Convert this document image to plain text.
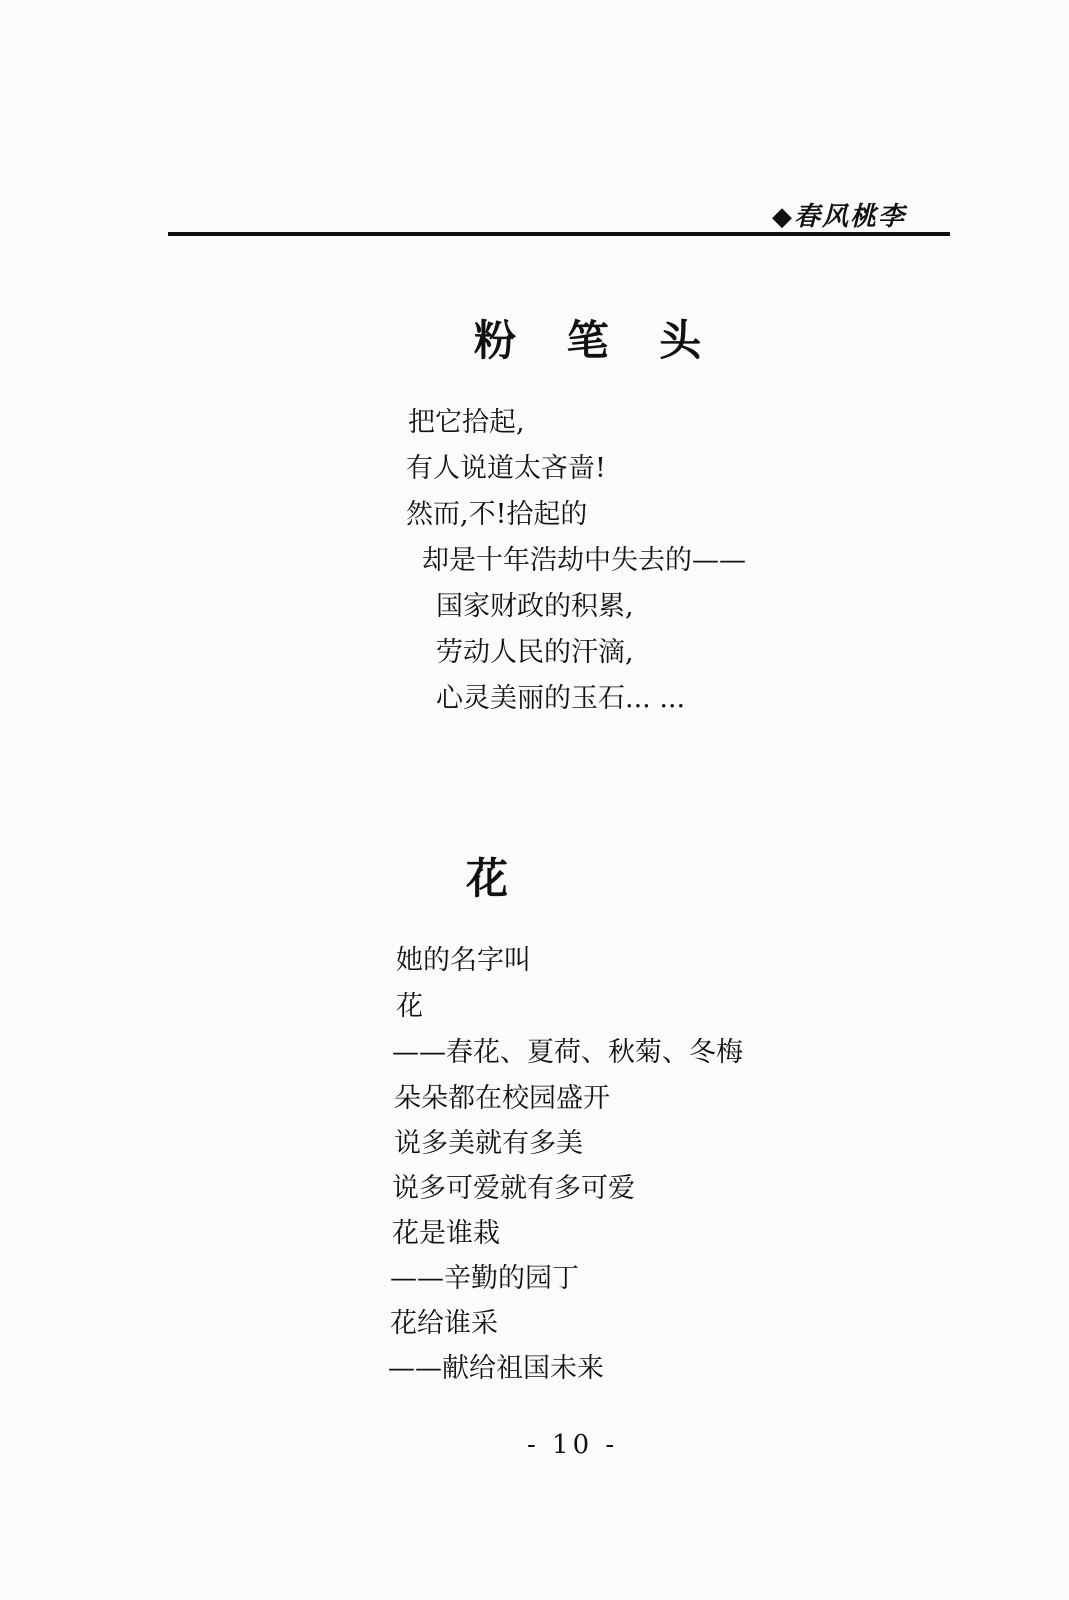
◆春风桃李
粉 笔 头
把它拾起,
有人说道太吝啬!
然而,不!拾起的
却是十年浩劫中失去的——
国家财政的积累,
劳动人民的汗滴,
心灵美丽的玉石... ...
花
她的名字叫
花
——春花、夏荷、秋菊、冬梅
朵朵都在校园盛开
说多美就有多美
说多可爱就有多可爱
花是谁栽
——辛勤的园丁
花给谁采
——献给祖国未来
- 10 -
